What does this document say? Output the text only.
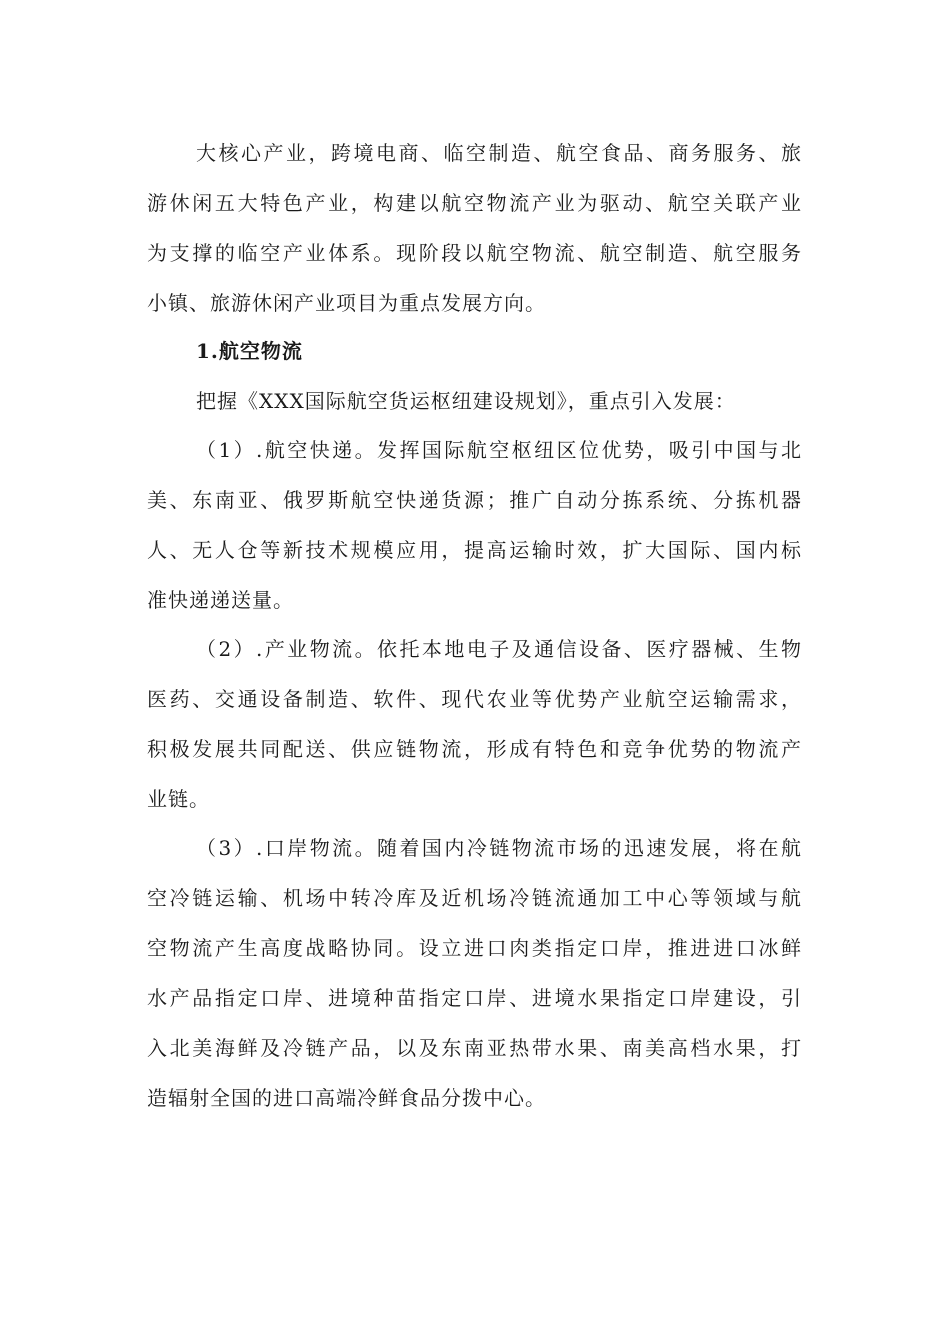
大核心产业，跨境电商、临空制造、航空食品、商务服务、旅
游休闲五大特色产业，构建以航空物流产业为驱动、航空关联产业
为支撑的临空产业体系。现阶段以航空物流、航空制造、航空服务
小镇、旅游休闲产业项目为重点发展方向。
1.航空物流
把握《XXX国际航空货运枢纽建设规划》，重点引入发展：
（1）.航空快递。发挥国际航空枢纽区位优势，吸引中国与北
美、东南亚、俄罗斯航空快递货源；推广自动分拣系统、分拣机器
人、无人仓等新技术规模应用，提高运输时效，扩大国际、国内标
准快递递送量。
（2）.产业物流。依托本地电子及通信设备、医疗器械、生物
医药、交通设备制造、软件、现代农业等优势产业航空运输需求，
积极发展共同配送、供应链物流，形成有特色和竞争优势的物流产
业链。
（3）.口岸物流。随着国内冷链物流市场的迅速发展，将在航
空冷链运输、机场中转冷库及近机场冷链流通加工中心等领域与航
空物流产生高度战略协同。设立进口肉类指定口岸，推进进口冰鲜
水产品指定口岸、进境种苗指定口岸、进境水果指定口岸建设，引
入北美海鲜及冷链产品，以及东南亚热带水果、南美高档水果，打
造辐射全国的进口高端冷鲜食品分拨中心。
